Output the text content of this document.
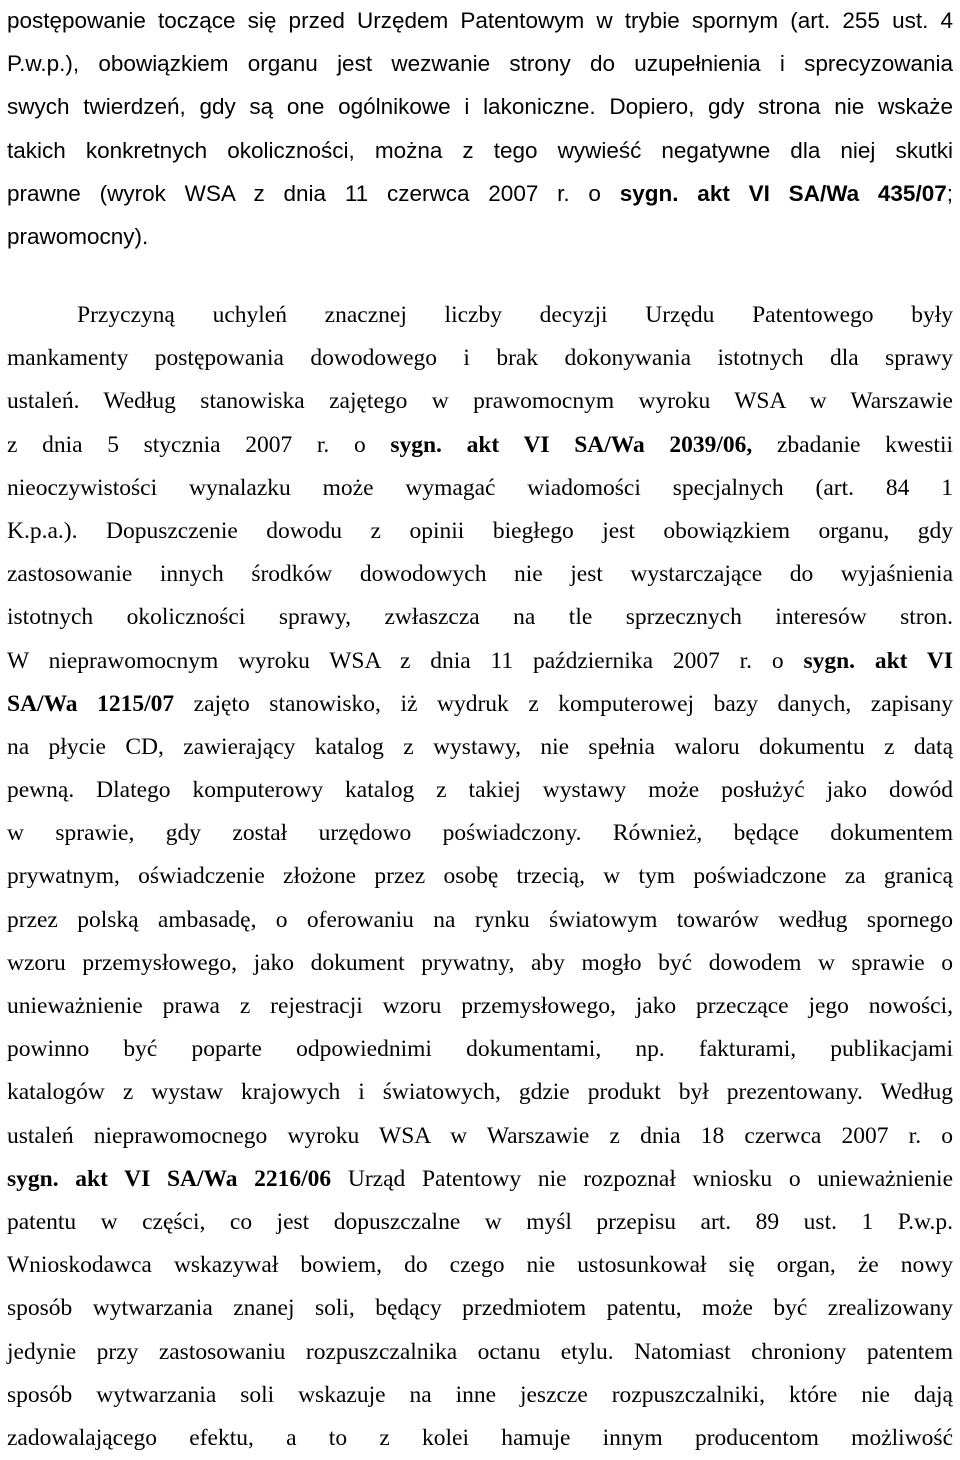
postępowanie toczące się przed Urzędem Patentowym w trybie spornym (art. 255 ust. 4
P.w.p.), obowiązkiem organu jest wezwanie strony do uzupełnienia i sprecyzowania
swych twierdzeń, gdy są one ogólnikowe i lakoniczne. Dopiero, gdy strona nie wskaże
takich konkretnych okoliczności, można z tego wywieść negatywne dla niej skutki
prawne (wyrok WSA z dnia 11 czerwca 2007 r. o sygn. akt VI SA/Wa 435/07;
prawomocny).
Przyczyną uchyleń znacznej liczby decyzji Urzędu Patentowego były
mankamenty postępowania dowodowego i brak dokonywania istotnych dla sprawy
ustaleń. Według stanowiska zajętego w prawomocnym wyroku WSA w Warszawie
z dnia 5 stycznia 2007 r. o sygn. akt VI SA/Wa 2039/06, zbadanie kwestii
nieoczywistości wynalazku może wymagać wiadomości specjalnych (art. 84 1
K.p.a.). Dopuszczenie dowodu z opinii biegłego jest obowiązkiem organu, gdy
zastosowanie innych środków dowodowych nie jest wystarczające do wyjaśnienia
istotnych okoliczności sprawy, zwłaszcza na tle sprzecznych interesów stron.
W nieprawomocnym wyroku WSA z dnia 11 października 2007 r. o sygn. akt VI
SA/Wa 1215/07 zajęto stanowisko, iż wydruk z komputerowej bazy danych, zapisany
na płycie CD, zawierający katalog z wystawy, nie spełnia waloru dokumentu z datą
pewną. Dlatego komputerowy katalog z takiej wystawy może posłużyć jako dowód
w sprawie, gdy został urzędowo poświadczony. Również, będące dokumentem
prywatnym, oświadczenie złożone przez osobę trzecią, w tym poświadczone za granicą
przez polską ambasadę, o oferowaniu na rynku światowym towarów według spornego
wzoru przemysłowego, jako dokument prywatny, aby mogło być dowodem w sprawie o
unieważnienie prawa z rejestracji wzoru przemysłowego, jako przeczące jego nowości,
powinno być poparte odpowiednimi dokumentami, np. fakturami, publikacjami
katalogów z wystaw krajowych i światowych, gdzie produkt był prezentowany. Według
ustaleń nieprawomocnego wyroku WSA w Warszawie z dnia 18 czerwca 2007 r. o
sygn. akt VI SA/Wa 2216/06 Urząd Patentowy nie rozpoznał wniosku o unieważnienie
patentu w części, co jest dopuszczalne w myśl przepisu art. 89 ust. 1 P.w.p.
Wnioskodawca wskazywał bowiem, do czego nie ustosunkował się organ, że nowy
sposób wytwarzania znanej soli, będący przedmiotem patentu, może być zrealizowany
jedynie przy zastosowaniu rozpuszczalnika octanu etylu. Natomiast chroniony patentem
sposób wytwarzania soli wskazuje na inne jeszcze rozpuszczalniki, które nie dają
zadowalającego efektu, a to z kolei hamuje innym producentom możliwość
